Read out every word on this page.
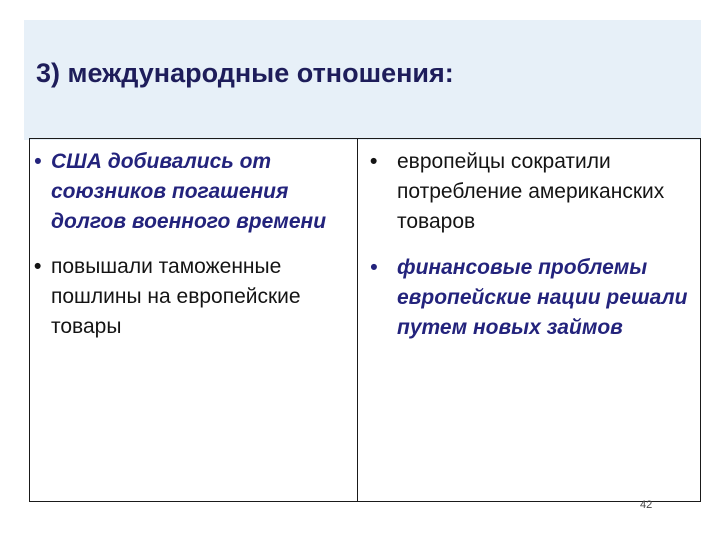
3) международные отношения:
• США добивались от союзников погашения долгов военного времени
• повышали таможенные пошлины на европейские товары
• европейцы сократили потребление американских товаров
• финансовые проблемы европейские нации решали путем новых займов
42
